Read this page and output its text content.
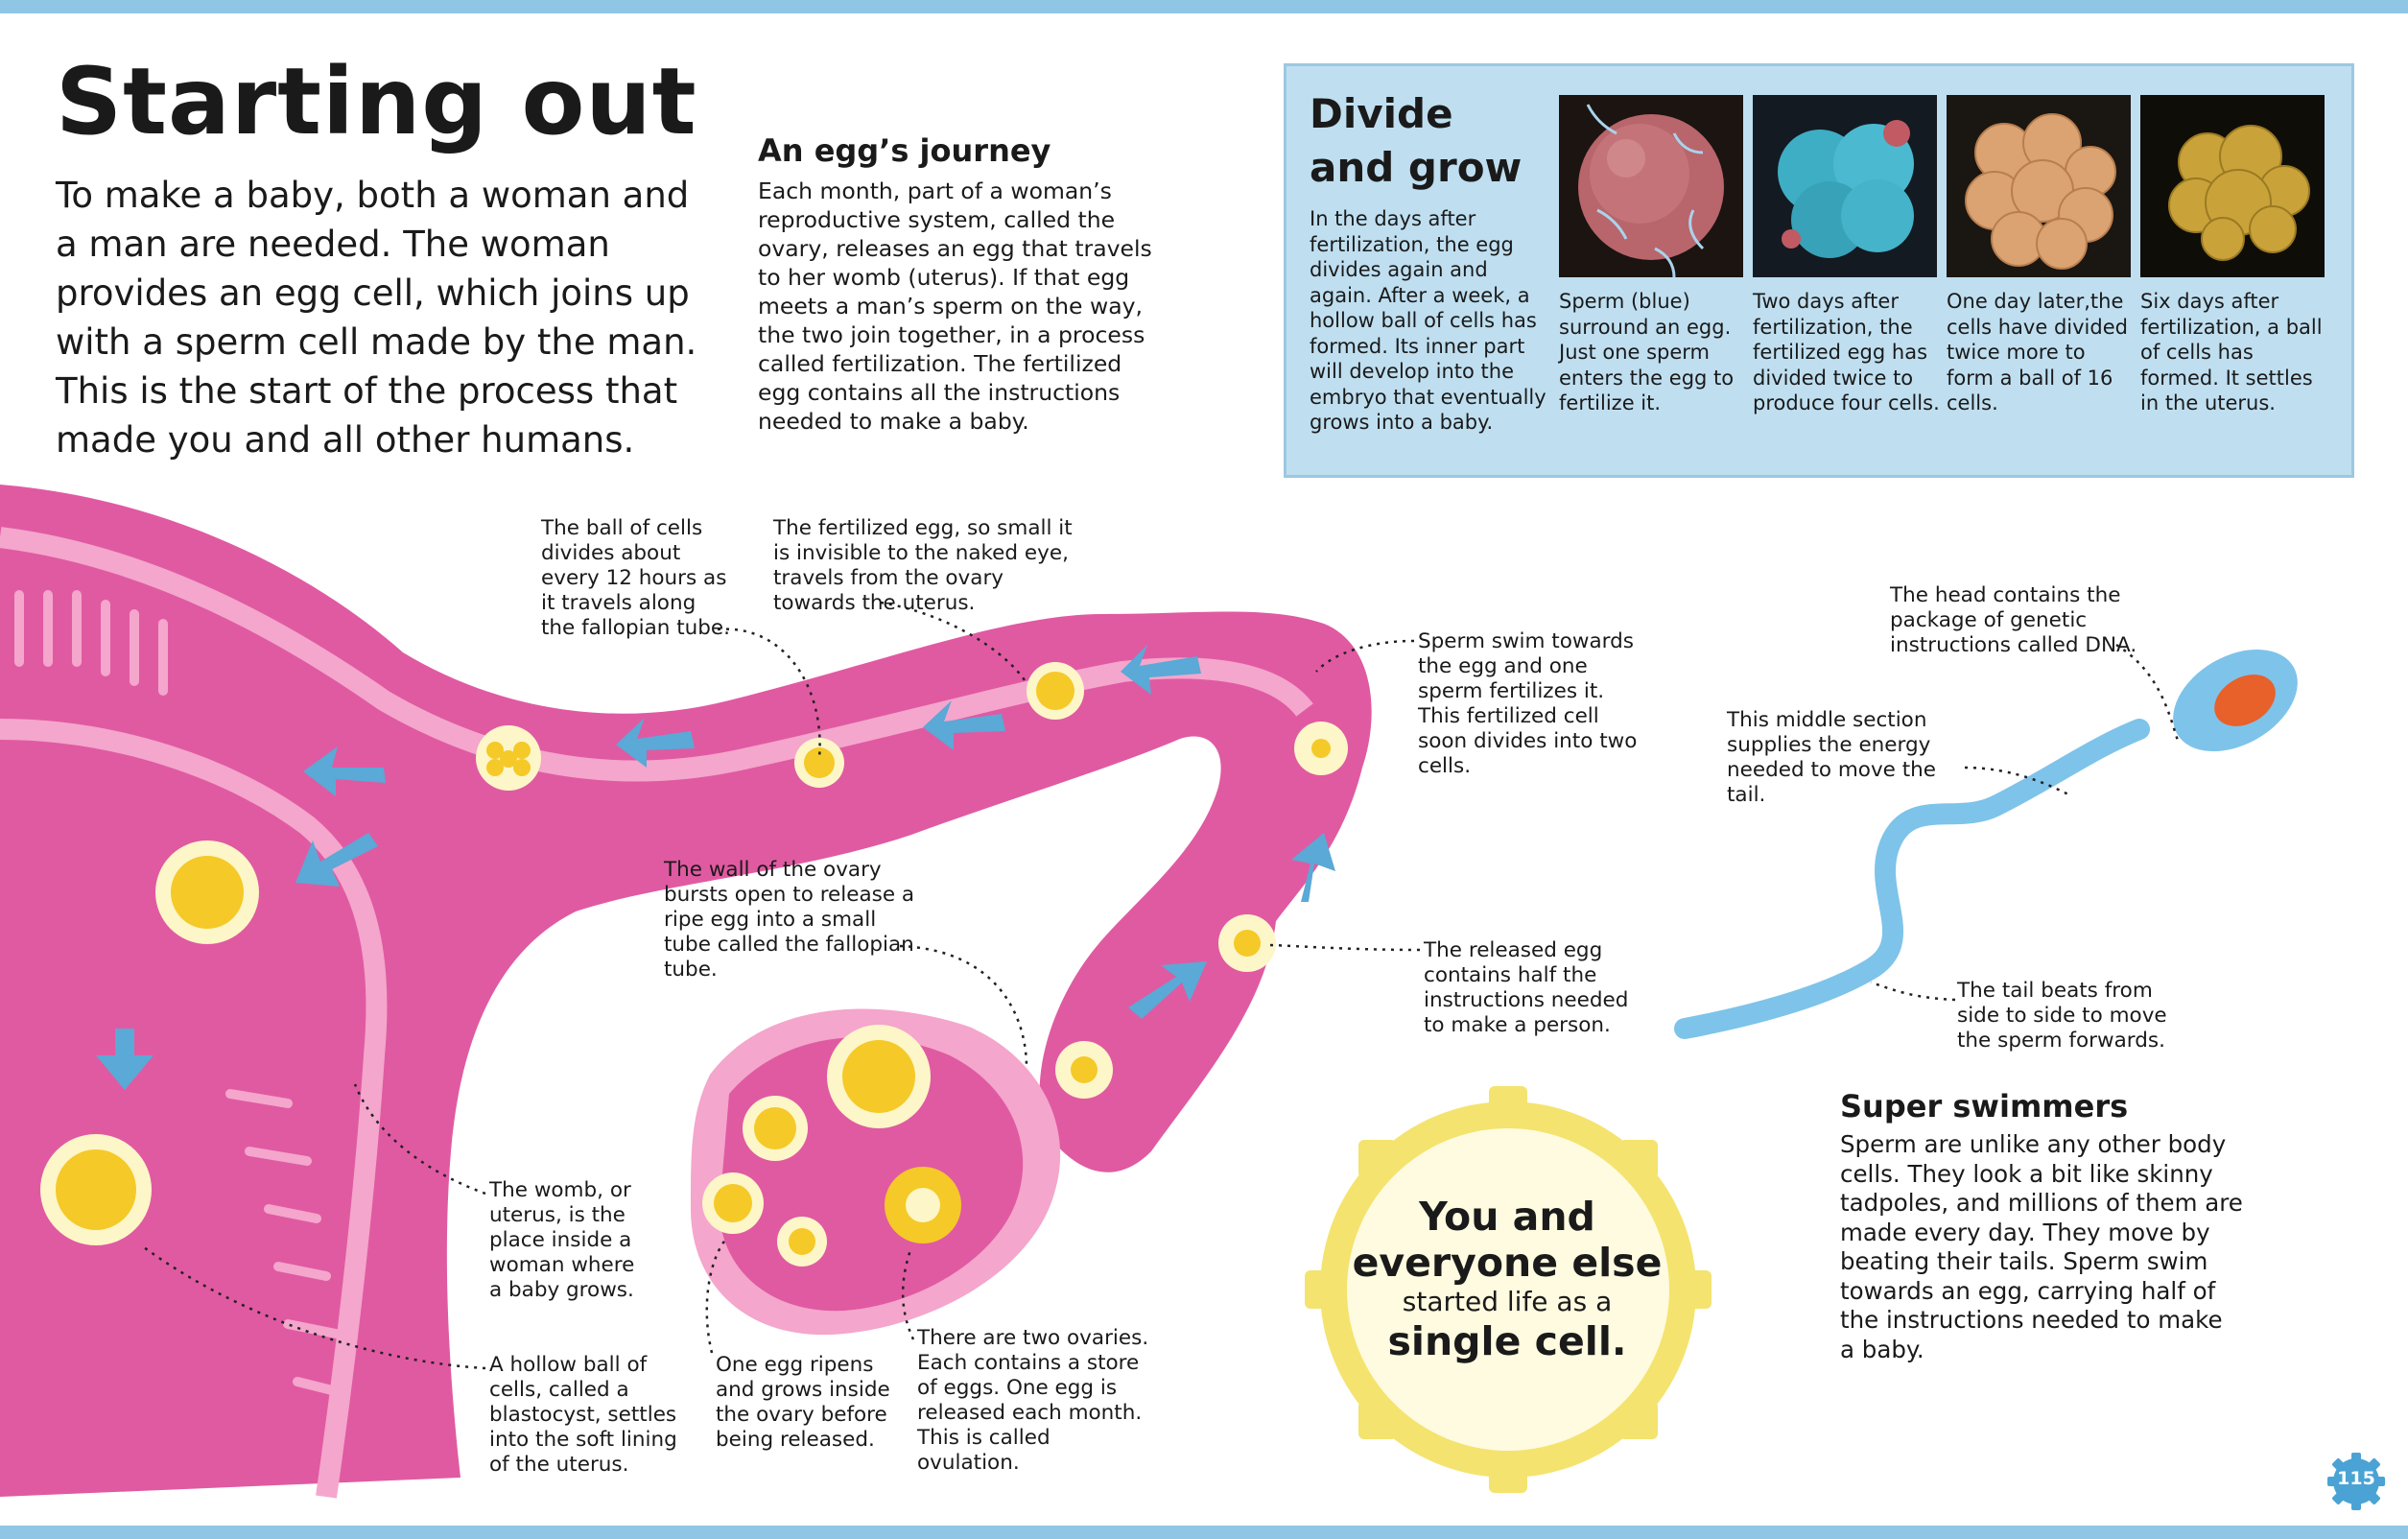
Starting out

To make a baby, both a woman and a man are needed. The woman provides an egg cell, which joins up with a sperm cell made by the man. This is the start of the process that made you and all other humans.

An egg’s journey

Each month, part of a woman’s reproductive system, called the ovary, releases an egg that travels to her womb (uterus). If that egg meets a man’s sperm on the way, the two join together, in a process called fertilization. The fertilized egg contains all the instructions needed to make a baby.

Divide
and grow
In the days after fertilization, the egg divides again and again. After a week, a hollow ball of cells has formed. Its inner part will develop into the embryo that eventually grows into a baby.
Sperm (blue) surround an egg. Just one sperm enters the egg to fertilize it.
Two days after fertilization, the fertilized egg has divided twice to produce four cells.
One day later,the cells have divided twice more to form a ball of 16 cells.
Six days after fertilization, a ball of cells has formed. It settles in the uterus.

The ball of cells divides about every 12 hours as it travels along the fallopian tube.

The fertilized egg, so small it is invisible to the naked eye, travels from the ovary towards the uterus.

Sperm swim towards the egg and one sperm fertilizes it. This fertilized cell soon divides into two cells.

The wall of the ovary bursts open to release a ripe egg into a small tube called the fallopian tube.

The released egg contains half the instructions needed to make a person.

The womb, or uterus, is the place inside a woman where a baby grows.

A hollow ball of cells, called a blastocyst, settles into the soft lining of the uterus.

One egg ripens and grows inside the ovary before being released.

There are two ovaries. Each contains a store of eggs. One egg is released each month. This is called ovulation.

The head contains the package of genetic instructions called DNA.

This middle section supplies the energy needed to move the tail.

The tail beats from side to side to move the sperm forwards.

You and
everyone else
started life as a
single cell.

Super swimmers

Sperm are unlike any other body cells. They look a bit like skinny tadpoles, and millions of them are made every day. They move by beating their tails. Sperm swim towards an egg, carrying half of the instructions needed to make a baby.

115
